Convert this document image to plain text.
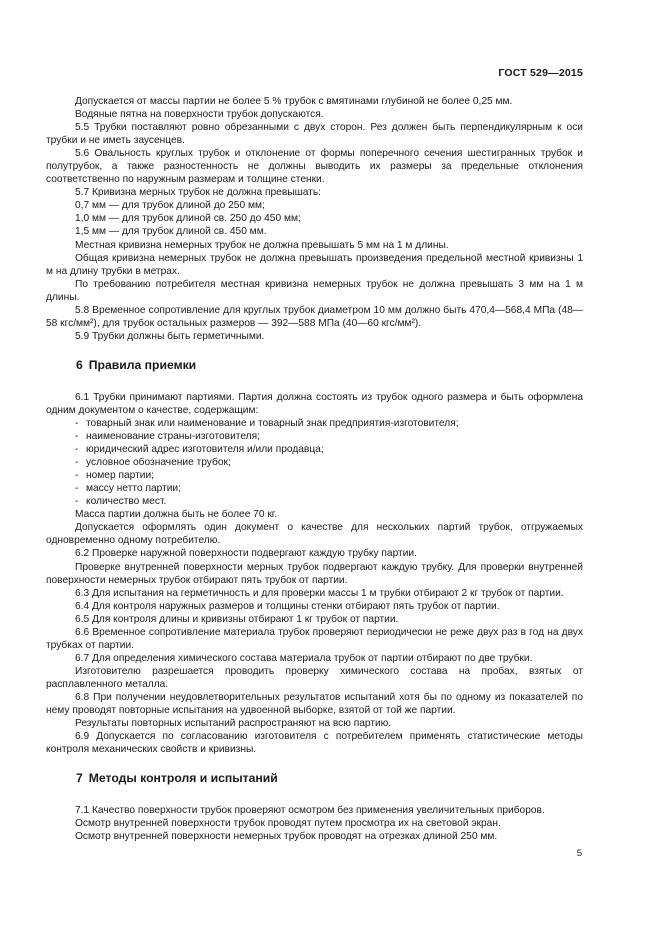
ГОСТ 529—2015

Допускается от массы партии не более 5 % трубок с вмятинами глубиной не более 0,25 мм.

Водяные пятна на поверхности трубок допускаются.

5.5 Трубки поставляют ровно обрезанными с двух сторон. Рез должен быть перпендикулярным к оси трубки и не иметь заусенцев.

5.6 Овальность круглых трубок и отклонение от формы поперечного сечения шестигранных трубок и полутрубок, а также разностенность не должны выводить их размеры за предельные отклонения соответственно по наружным размерам и толщине стенки.

5.7 Кривизна мерных трубок не должна превышать:

0,7 мм — для трубок длиной до 250 мм;

1,0 мм — для трубок длиной св. 250 до 450 мм;

1,5 мм — для трубок длиной св. 450 мм.

Местная кривизна немерных трубок не должна превышать 5 мм на 1 м длины.

Общая кривизна немерных трубок не должна превышать произведения предельной местной кривизны 1 м на длину трубки в метрах.

По требованию потребителя местная кривизна немерных трубок не должна превышать 3 мм на 1 м длины.

5.8 Временное сопротивление для круглых трубок диаметром 10 мм должно быть 470,4—568,4 МПа (48—58 кгс/мм²), для трубок остальных размеров — 392—588 МПа (40—60 кгс/мм²).

5.9 Трубки должны быть герметичными.

6 Правила приемки

6.1 Трубки принимают партиями. Партия должна состоять из трубок одного размера и быть оформлена одним документом о качестве, содержащим:

- товарный знак или наименование и товарный знак предприятия-изготовителя;
- наименование страны-изготовителя;
- юридический адрес изготовителя и/или продавца;
- условное обозначение трубок;
- номер партии;
- массу нетто партии;
- количество мест.

Масса партии должна быть не более 70 кг.

Допускается оформлять один документ о качестве для нескольких партий трубок, отгружаемых одновременно одному потребителю.

6.2 Проверке наружной поверхности подвергают каждую трубку партии.

Проверке внутренней поверхности мерных трубок подвергают каждую трубку. Для проверки внутренней поверхности немерных трубок отбирают пять трубок от партии.

6.3 Для испытания на герметичность и для проверки массы 1 м трубки отбирают 2 кг трубок от партии.

6.4 Для контроля наружных размеров и толщины стенки отбирают пять трубок от партии.

6.5 Для контроля длины и кривизны отбирают 1 кг трубок от партии.

6.6 Временное сопротивление материала трубок проверяют периодически не реже двух раз в год на двух трубках от партии.

6.7 Для определения химического состава материала трубок от партии отбирают по две трубки.

Изготовителю разрешается проводить проверку химического состава на пробах, взятых от расплавленного металла.

6.8 При получении неудовлетворительных результатов испытаний хотя бы по одному из показателей по нему проводят повторные испытания на удвоенной выборке, взятой от той же партии.

Результаты повторных испытаний распространяют на всю партию.

6.9 Допускается по согласованию изготовителя с потребителем применять статистические методы контроля механических свойств и кривизны.

7 Методы контроля и испытаний

7.1 Качество поверхности трубок проверяют осмотром без применения увеличительных приборов.

Осмотр внутренней поверхности трубок проводят путем просмотра их на световой экран.

Осмотр внутренней поверхности немерных трубок проводят на отрезках длиной 250 мм.

5
